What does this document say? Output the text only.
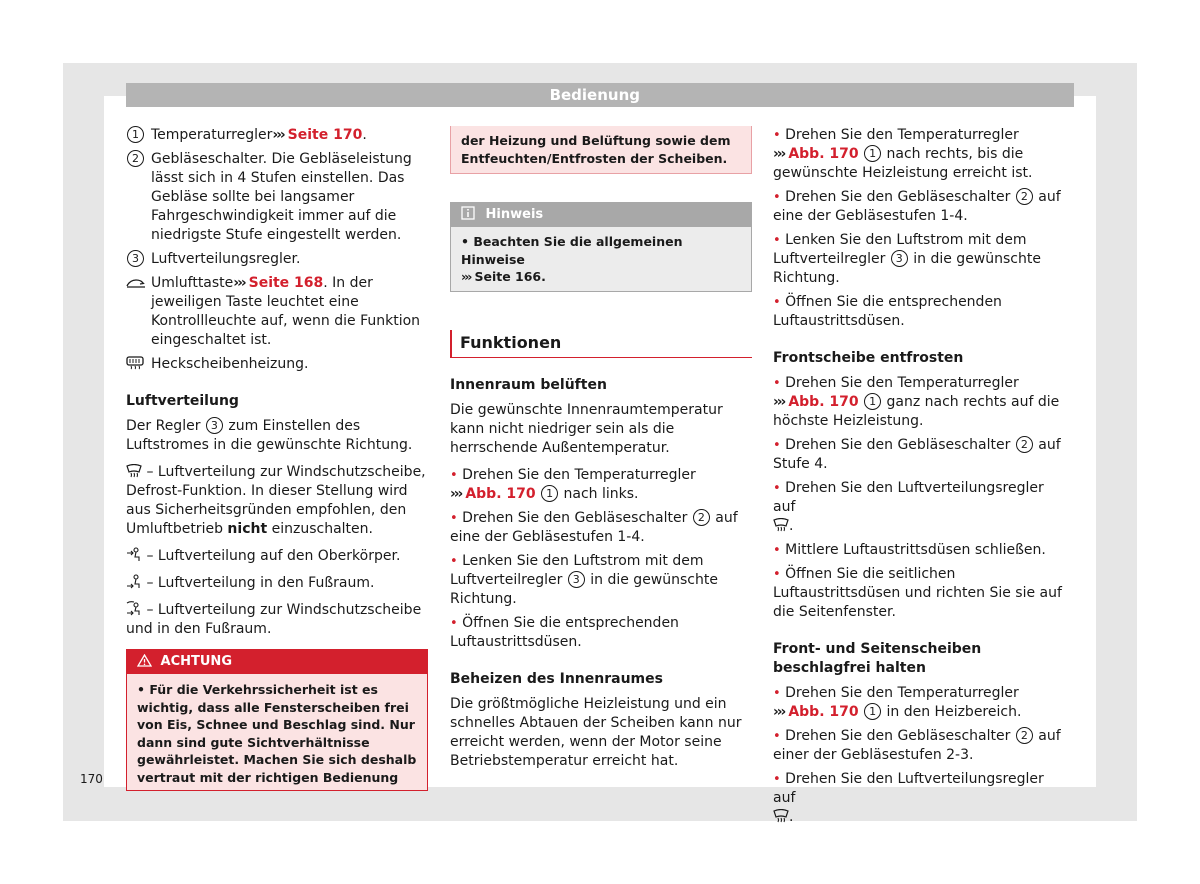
Bedienung
1 Temperaturregler››› Seite 170.
2 Gebläseschalter. Die Gebläseleistung lässt sich in 4 Stufen einstellen. Das Gebläse sollte bei langsamer Fahrgeschwindigkeit immer auf die niedrigste Stufe eingestellt werden.
3 Luftverteilungsregler.
Umlufttaste››› Seite 168. In der jeweiligen Taste leuchtet eine Kontrollleuchte auf, wenn die Funktion eingeschaltet ist.
Heckscheibenheizung.
Luftverteilung

Der Regler 3 zum Einstellen des Luftstromes in die gewünschte Richtung.

– Luftverteilung zur Windschutzscheibe, Defrost-Funktion. In dieser Stellung wird aus Sicherheitsgründen empfohlen, den Umluftbetrieb nicht einzuschalten.

– Luftverteilung auf den Oberkörper.

– Luftverteilung in den Fußraum.

– Luftverteilung zur Windschutzscheibe und in den Fußraum.

ACHTUNG
• Für die Verkehrssicherheit ist es wichtig, dass alle Fensterscheiben frei von Eis, Schnee und Beschlag sind. Nur dann sind gute Sichtverhältnisse gewährleistet. Machen Sie sich deshalb vertraut mit der richtigen Bedienung
der Heizung und Belüftung sowie dem Entfeuchten/Entfrosten der Scheiben.
Hinweis
• Beachten Sie die allgemeinen Hinweise
››› Seite 166.
Funktionen
Innenraum belüften

Die gewünschte Innenraumtemperatur kann nicht niedriger sein als die herrschende Außentemperatur.

• Drehen Sie den Temperaturregler
››› Abb. 170 1 nach links.

• Drehen Sie den Gebläseschalter 2 auf eine der Gebläsestufen 1-4.

• Lenken Sie den Luftstrom mit dem Luftverteilregler 3 in die gewünschte Richtung.

• Öffnen Sie die entsprechenden Luftaustrittsdüsen.

Beheizen des Innenraumes

Die größtmögliche Heizleistung und ein schnelles Abtauen der Scheiben kann nur erreicht werden, wenn der Motor seine Betriebstemperatur erreicht hat.

• Drehen Sie den Temperaturregler
››› Abb. 170 1 nach rechts, bis die gewünschte Heizleistung erreicht ist.

• Drehen Sie den Gebläseschalter 2 auf eine der Gebläsestufen 1-4.

• Lenken Sie den Luftstrom mit dem Luftverteilregler 3 in die gewünschte Richtung.

• Öffnen Sie die entsprechenden Luftaustrittsdüsen.

Frontscheibe entfrosten

• Drehen Sie den Temperaturregler
››› Abb. 170 1 ganz nach rechts auf die höchste Heizleistung.

• Drehen Sie den Gebläseschalter 2 auf Stufe 4.

• Drehen Sie den Luftverteilungsregler auf
.

• Mittlere Luftaustrittsdüsen schließen.

• Öffnen Sie die seitlichen Luftaustrittsdüsen und richten Sie sie auf die Seitenfenster.

Front- und Seitenscheiben beschlagfrei halten

• Drehen Sie den Temperaturregler
››› Abb. 170 1 in den Heizbereich.

• Drehen Sie den Gebläseschalter 2 auf einer der Gebläsestufen 2-3.

• Drehen Sie den Luftverteilungsregler auf
.

170
